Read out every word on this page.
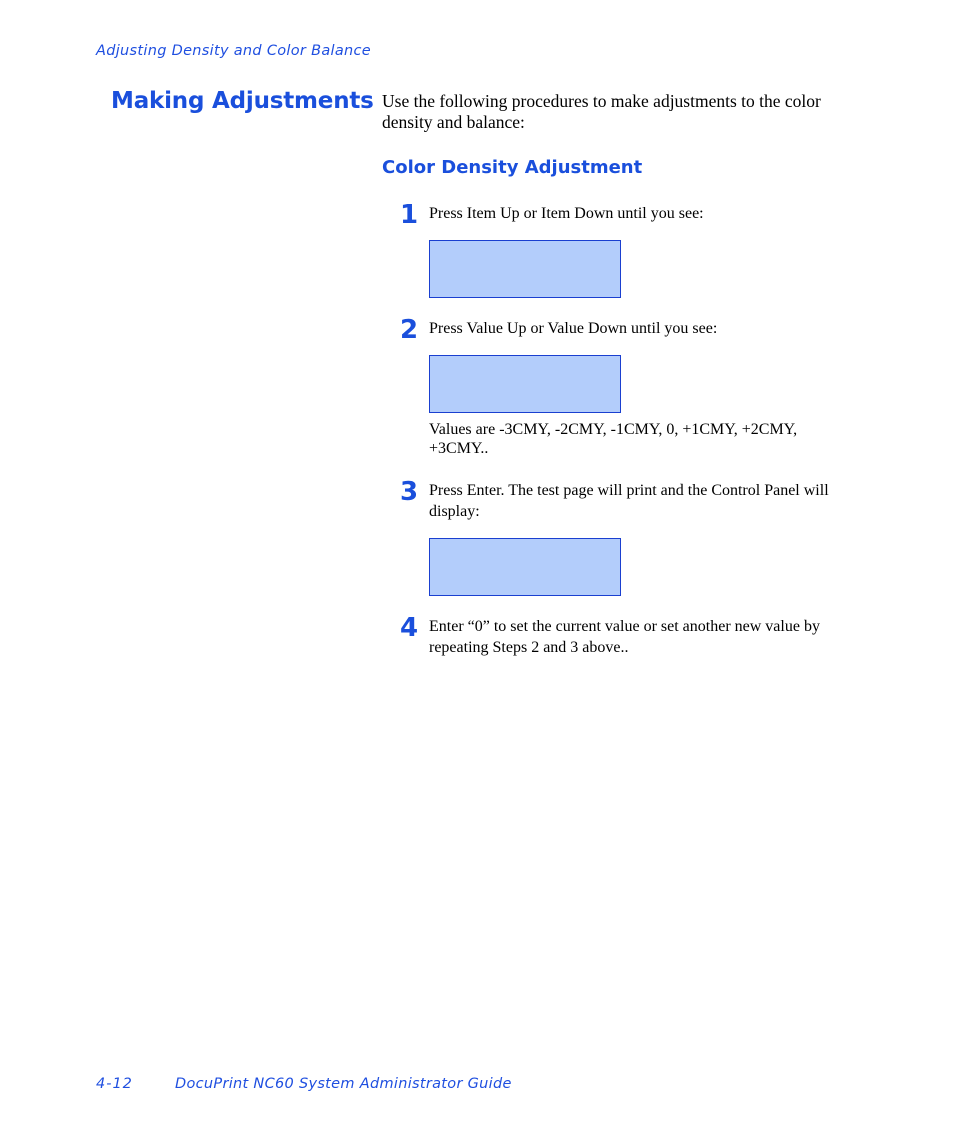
Adjusting Density and Color Balance
Making Adjustments Use the following procedures to make adjustments to the color density and balance:
Color Density Adjustment
1 Press Item Up or Item Down until you see:
2 Press Value Up or Value Down until you see:
Values are -3CMY, -2CMY, -1CMY, 0, +1CMY, +2CMY, +3CMY..
3 Press Enter. The test page will print and the Control Panel will display:
4 Enter “0” to set the current value or set another new value by repeating Steps 2 and 3 above..
4-12	DocuPrint NC60 System Administrator Guide
